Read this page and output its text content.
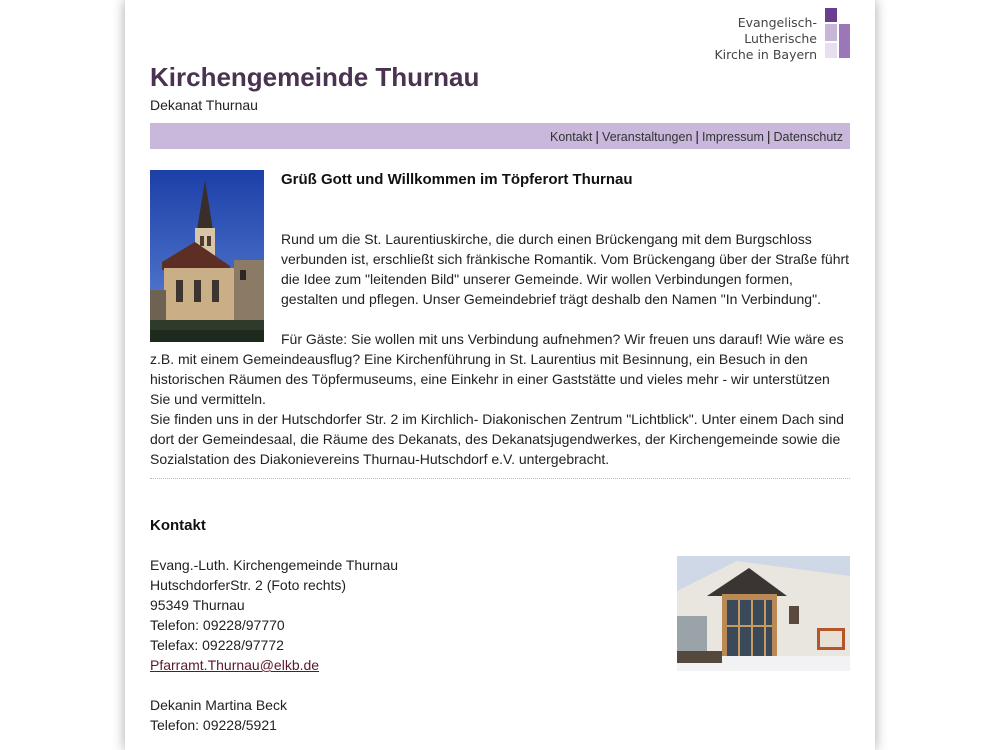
Evangelisch-Lutherische
Kirche in Bayern
Kirchengemeinde Thurnau
Dekanat Thurnau
Kontakt | Veranstaltungen | Impressum | Datenschutz
Grüß Gott und Willkommen im Töpferort Thurnau

Rund um die St. Laurentiuskirche, die durch einen Brückengang mit dem Burgschloss verbunden ist, erschließt sich fränkische Romantik. Vom Brückengang über der Straße führt die Idee zum "leitenden Bild" unserer Gemeinde. Wir wollen Verbindungen formen, gestalten und pflegen. Unser Gemeindebrief trägt deshalb den Namen "In Verbindung".

Für Gäste: Sie wollen mit uns Verbindung aufnehmen? Wir freuen uns darauf! Wie wäre es z.B. mit einem Gemeindeausflug? Eine Kirchenführung in St. Laurentius mit Besinnung, ein Besuch in den historischen Räumen des Töpfermuseums, eine Einkehr in einer Gaststätte und vieles mehr - wir unterstützen Sie und vermitteln.

Sie finden uns in der Hutschdorfer Str. 2 im Kirchlich- Diakonischen Zentrum "Lichtblick". Unter einem Dach sind dort der Gemeindesaal, die Räume des Dekanats, des Dekanatsjugendwerkes, der Kirchengemeinde sowie die Sozialstation des Diakonievereins Thurnau-Hutschdorf e.V. untergebracht.

Kontakt
Evang.-Luth. Kirchengemeinde Thurnau
HutschdorferStr. 2 (Foto rechts)
95349 Thurnau
Telefon: 09228/97770
Telefax: 09228/97772
Pfarramt.Thurnau@elkb.de
Dekanin Martina Beck
Telefon: 09228/5921
